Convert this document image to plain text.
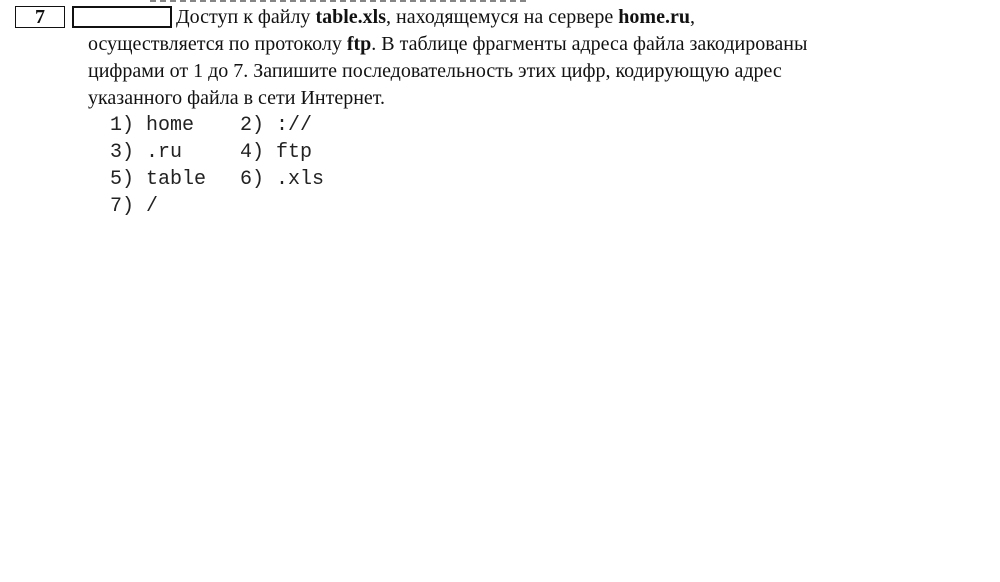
7	Доступ к файлу table.xls, находящемуся на сервере home.ru,
осуществляется по протоколу ftp. В таблице фрагменты адреса файла закодированы
цифрами от 1 до 7. Запишите последовательность этих цифр, кодирующую адрес
указанного файла в сети Интернет.
1) home	2) ://
3) .ru	4) ftp
5) table	6) .xls
7) /
